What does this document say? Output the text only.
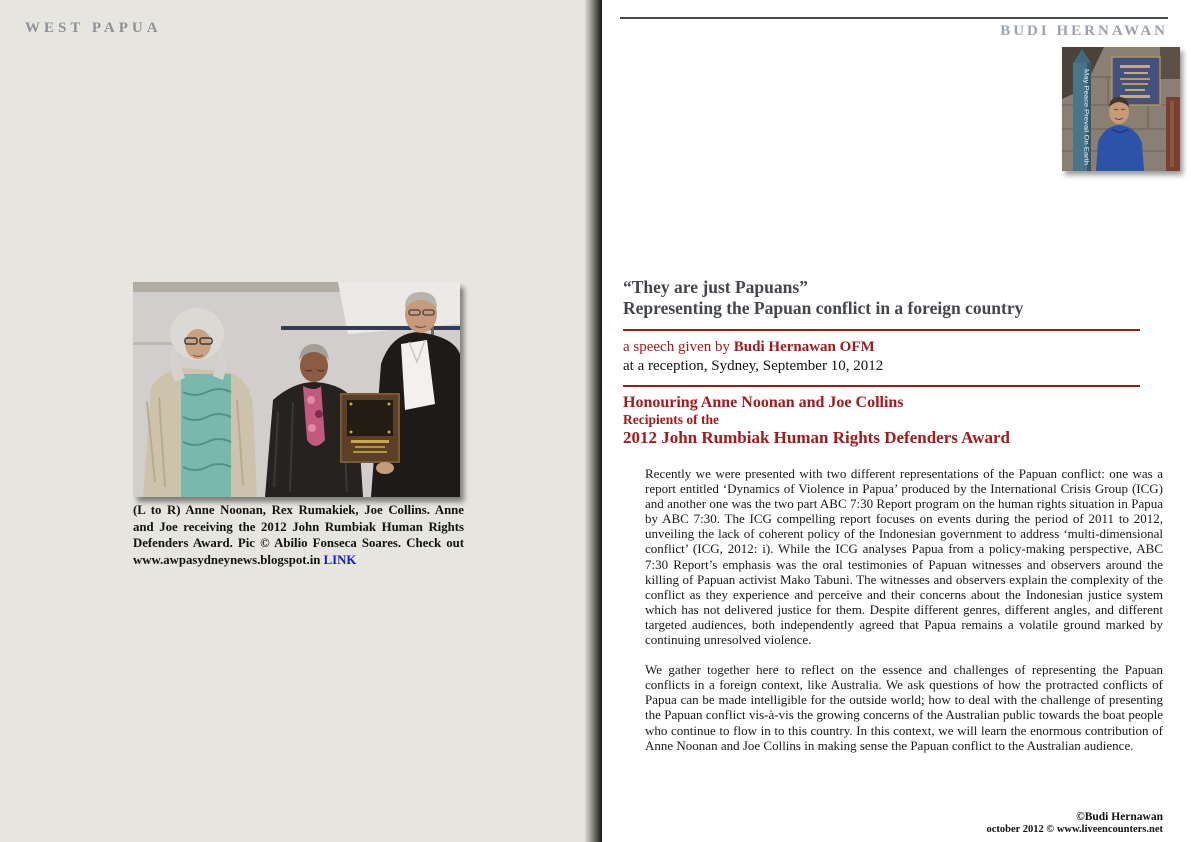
WEST PAPUA
(L to R) Anne Noonan, Rex Rumakiek, Joe Collins. Anne and Joe receiving the 2012 John Rumbiak Human Rights Defenders Award. Pic © Abilio Fonseca Soares. Check out www.awpasydneynews.blogspot.in LINK
BUDI HERNAWAN
May Peace Prevail On Earth
“They are just Papuans”
Representing the Papuan conflict in a foreign country
a speech given by Budi Hernawan OFM
at a reception, Sydney, September 10, 2012
Honouring Anne Noonan and Joe Collins
Recipients of the
2012 John Rumbiak Human Rights Defenders Award

Recently we were presented with two different representations of the Papuan conflict: one was a report entitled ‘Dynamics of Violence in Papua’ produced by the International Crisis Group (ICG) and another one was the two part ABC 7:30 Report program on the human rights situation in Papua by ABC 7:30. The ICG compelling report focuses on events during the period of 2011 to 2012, unveiling the lack of coherent policy of the Indonesian government to address ‘multi-dimensional conflict’ (ICG, 2012: i). While the ICG analyses Papua from a policy-making perspective, ABC 7:30 Report’s emphasis was the oral testimonies of Papuan witnesses and observers around the killing of Papuan activist Mako Tabuni. The witnesses and observers explain the complexity of the conflict as they experience and perceive and their concerns about the Indonesian justice system which has not delivered justice for them. Despite different genres, different angles, and different targeted audiences, both independently agreed that Papua remains a volatile ground marked by continuing unresolved violence.

We gather together here to reflect on the essence and challenges of representing the Papuan conflicts in a foreign context, like Australia. We ask questions of how the protracted conflicts of Papua can be made intelligible for the outside world; how to deal with the challenge of presenting the Papuan conflict vis-à-vis the growing concerns of the Australian public towards the boat people who continue to flow in to this country. In this context, we will learn the enormous contribution of Anne Noonan and Joe Collins in making sense the Papuan conflict to the Australian audience.

©Budi Hernawan
october 2012 © www.liveencounters.net
